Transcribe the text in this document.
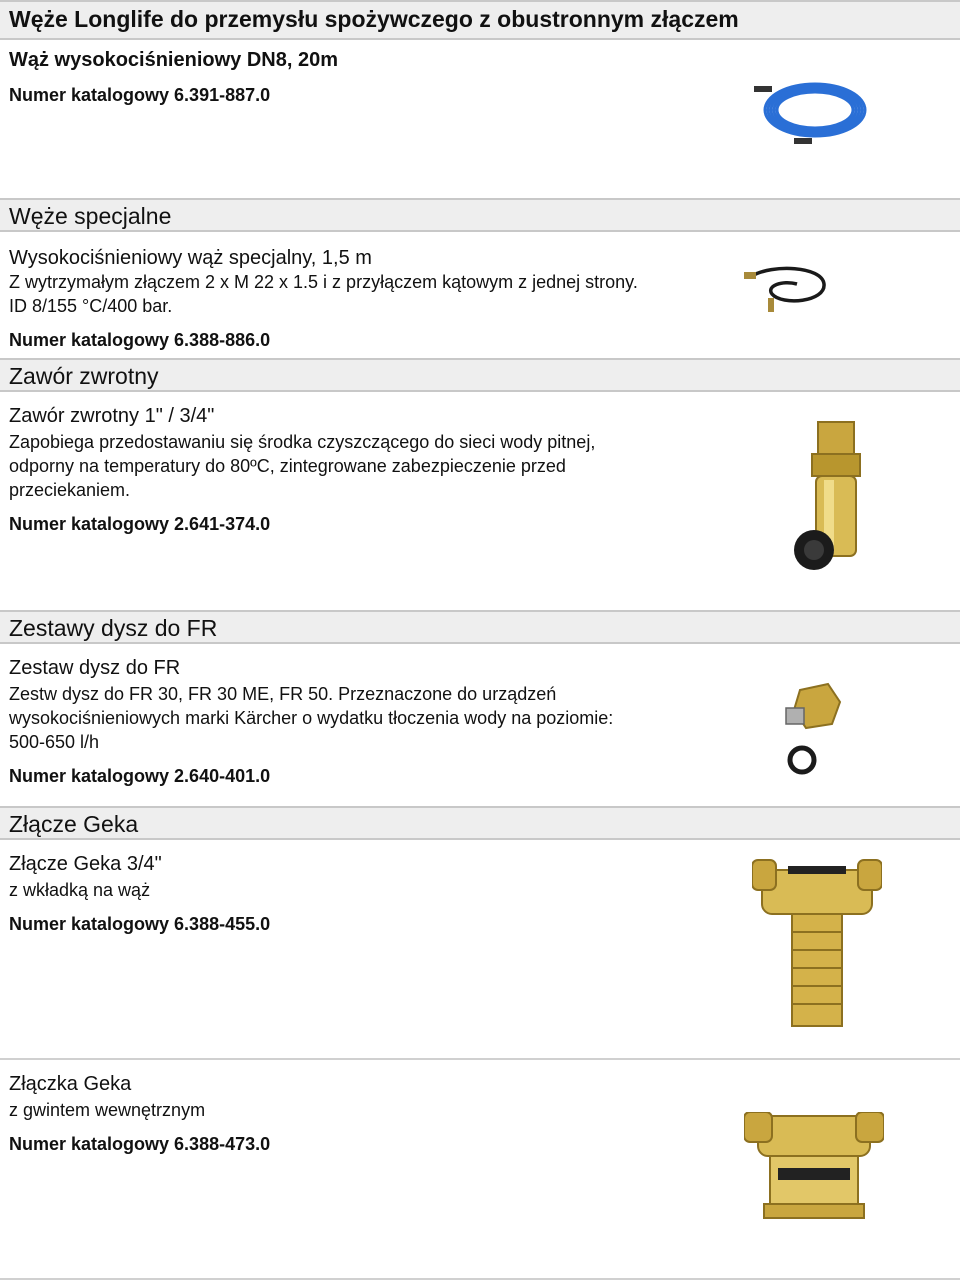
Węże Longlife do przemysłu spożywczego z obustronnym złączem
Wąż wysokociśnieniowy DN8, 20m
Numer katalogowy 6.391-887.0
Węże specjalne
Wysokociśnieniowy wąż specjalny, 1,5 m
Z wytrzymałym złączem 2 x M 22 x 1.5 i z przyłączem kątowym z jednej strony.
ID 8/155 °C/400 bar.
Numer katalogowy 6.388-886.0
Zawór zwrotny
Zawór zwrotny 1" / 3/4"
Zapobiega przedostawaniu się środka czyszczącego do sieci wody pitnej,
odporny na temperatury do 80ºC, zintegrowane zabezpieczenie przed
przeciekaniem.
Numer katalogowy 2.641-374.0
Zestawy dysz do FR
Zestaw dysz do FR
Zestw dysz do FR 30, FR 30 ME, FR 50. Przeznaczone do urządzeń
wysokociśnieniowych marki Kärcher o wydatku tłoczenia wody na poziomie:
500-650 l/h
Numer katalogowy 2.640-401.0
Złącze Geka
Złącze Geka 3/4"
z wkładką na wąż
Numer katalogowy 6.388-455.0
Złączka Geka
z gwintem wewnętrznym
Numer katalogowy 6.388-473.0
